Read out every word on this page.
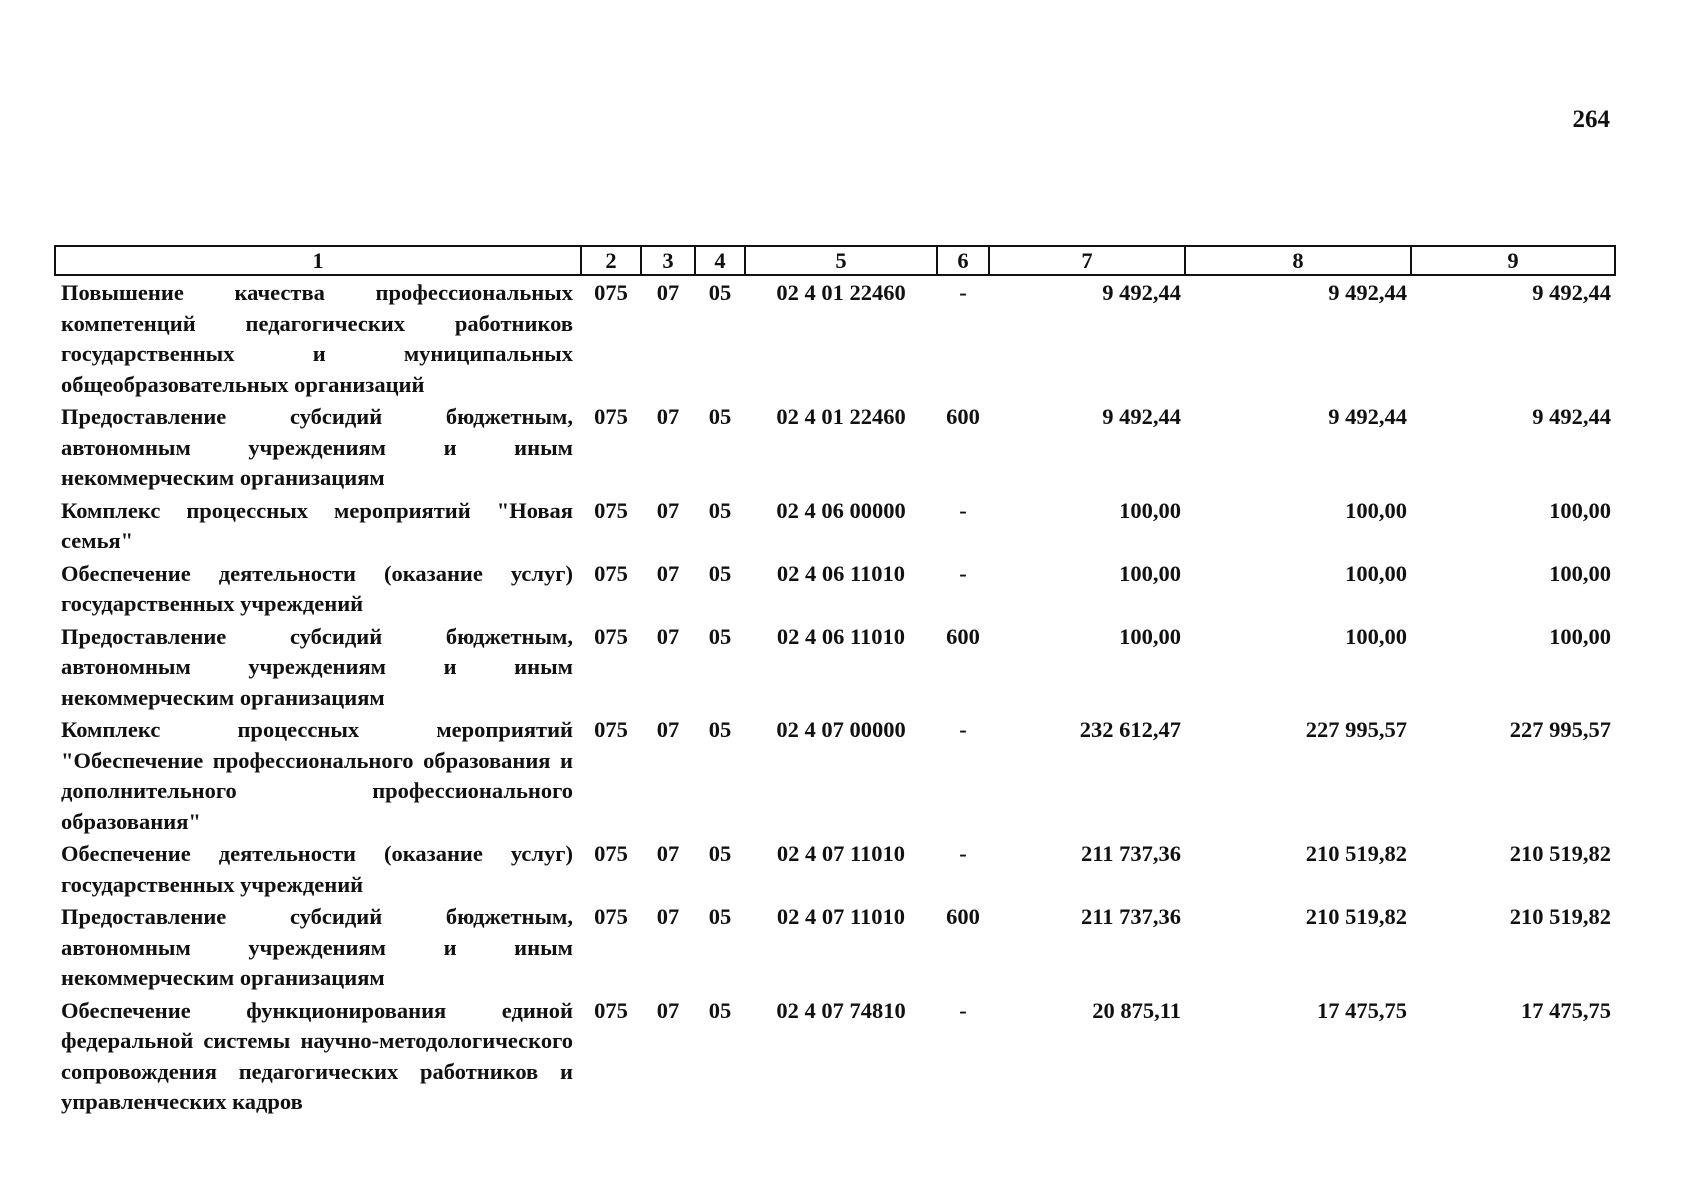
264
1	2	3	4	5	6	7	8	9
Повышение качества профессиональных компетенций педагогических работников государственных и муниципальных общеобразовательных организаций	075	07	05	02 4 01 22460	-	9 492,44	9 492,44	9 492,44
Предоставление субсидий бюджетным, автономным учреждениям и иным некоммерческим организациям	075	07	05	02 4 01 22460	600	9 492,44	9 492,44	9 492,44
Комплекс процессных мероприятий "Новая семья"	075	07	05	02 4 06 00000	-	100,00	100,00	100,00
Обеспечение деятельности (оказание услуг) государственных учреждений	075	07	05	02 4 06 11010	-	100,00	100,00	100,00
Предоставление субсидий бюджетным, автономным учреждениям и иным некоммерческим организациям	075	07	05	02 4 06 11010	600	100,00	100,00	100,00
Комплекс процессных мероприятий "Обеспечение профессионального образования и дополнительного профессионального образования"	075	07	05	02 4 07 00000	-	232 612,47	227 995,57	227 995,57
Обеспечение деятельности (оказание услуг) государственных учреждений	075	07	05	02 4 07 11010	-	211 737,36	210 519,82	210 519,82
Предоставление субсидий бюджетным, автономным учреждениям и иным некоммерческим организациям	075	07	05	02 4 07 11010	600	211 737,36	210 519,82	210 519,82
Обеспечение функционирования единой федеральной системы научно-методологического сопровождения педагогических работников и управленческих кадров	075	07	05	02 4 07 74810	-	20 875,11	17 475,75	17 475,75
